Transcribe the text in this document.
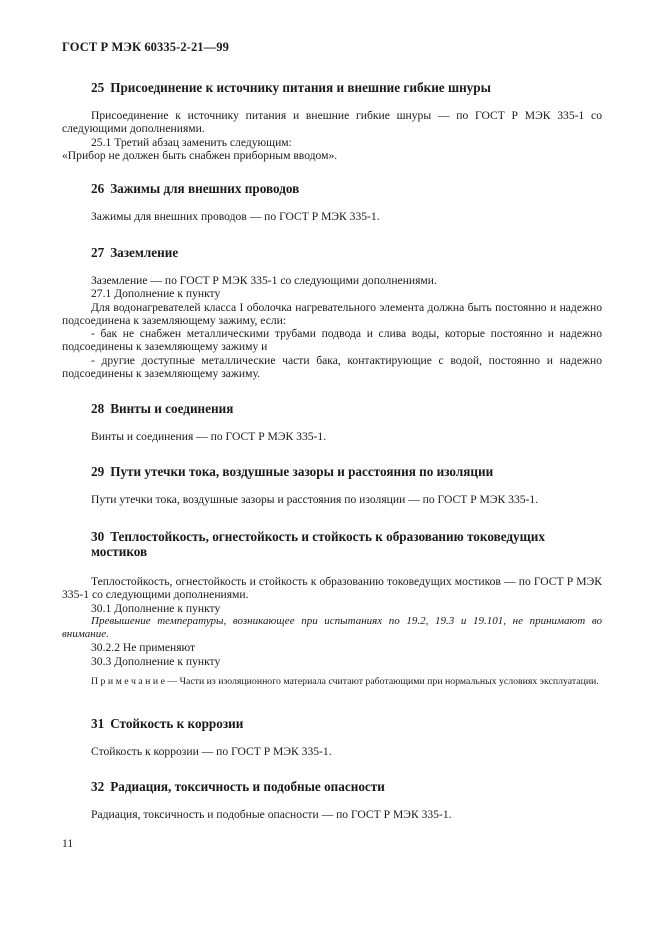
ГОСТ Р МЭК 60335-2-21—99
25 Присоединение к источнику питания и внешние гибкие шнуры

Присоединение к источнику питания и внешние гибкие шнуры — по ГОСТ Р МЭК 335-1 со следующими дополнениями.

25.1 Третий абзац заменить следующим:

«Прибор не должен быть снабжен приборным вводом».

26 Зажимы для внешних проводов

Зажимы для внешних проводов — по ГОСТ Р МЭК 335-1.

27 Заземление

Заземление — по ГОСТ Р МЭК 335-1 со следующими дополнениями.

27.1 Дополнение к пункту

Для водонагревателей класса I оболочка нагревательного элемента должна быть постоянно и надежно подсоединена к заземляющему зажиму, если:

- бак не снабжен металлическими трубами подвода и слива воды, которые постоянно и надежно подсоединены к заземляющему зажиму и

- другие доступные металлические части бака, контактирующие с водой, постоянно и надежно подсоединены к заземляющему зажиму.

28 Винты и соединения

Винты и соединения — по ГОСТ Р МЭК 335-1.

29 Пути утечки тока, воздушные зазоры и расстояния по изоляции

Пути утечки тока, воздушные зазоры и расстояния по изоляции — по ГОСТ Р МЭК 335-1.

30 Теплостойкость, огнестойкость и стойкость к образованию токоведущих мостиков

Теплостойкость, огнестойкость и стойкость к образованию токоведущих мостиков — по ГОСТ Р МЭК 335-1 со следующими дополнениями.

30.1 Дополнение к пункту

Превышение температуры, возникающее при испытаниях по 19.2, 19.3 и 19.101, не принимают во внимание.

30.2.2 Не применяют

30.3 Дополнение к пункту

П р и м е ч а н и е — Части из изоляционного материала считают работающими при нормальных условиях эксплуатации.

31 Стойкость к коррозии

Стойкость к коррозии — по ГОСТ Р МЭК 335-1.

32 Радиация, токсичность и подобные опасности

Радиация, токсичность и подобные опасности — по ГОСТ Р МЭК 335-1.

11
